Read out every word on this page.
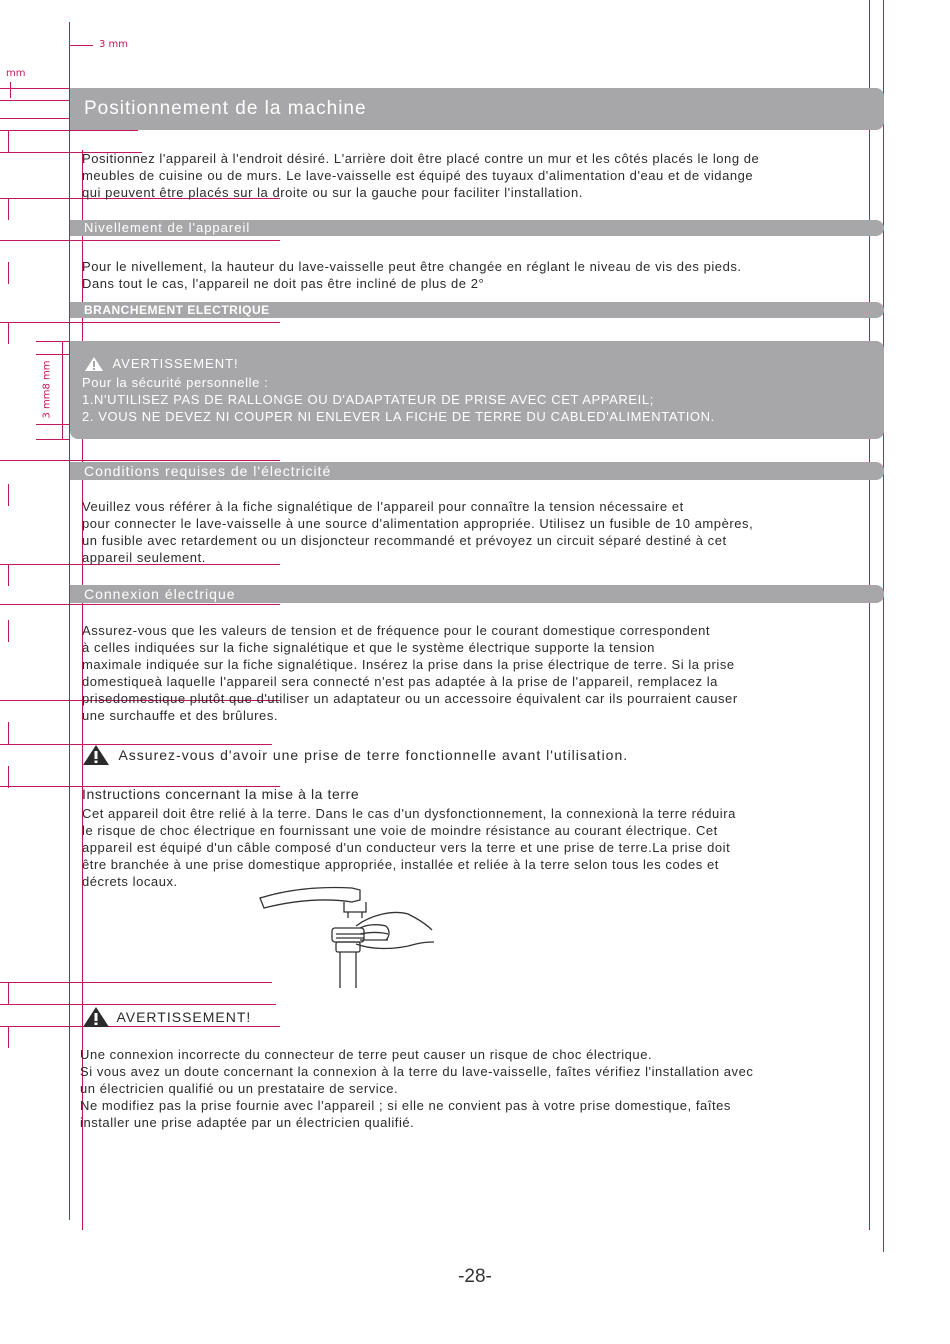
3 mm
mm
3 mm8 mm
Positionnement de la machine

Positionnez l'appareil à l'endroit désiré. L'arrière doit être placé contre un mur et les côtés placés le long de

meubles de cuisine ou de murs. Le lave-vaisselle est équipé des tuyaux d'alimentation d'eau et de vidange

qui peuvent être placés sur la droite ou sur la gauche pour faciliter l'installation.

Nivellement de l'appareil

Pour le nivellement, la hauteur du lave-vaisselle peut être changée en réglant le niveau de vis des pieds.

Dans tout le cas, l'appareil ne doit pas être incliné de plus de 2°

BRANCHEMENT ELECTRIQUE
AVERTISSEMENT!

Pour la sécurité personnelle :

1.N'UTILISEZ PAS DE RALLONGE OU D'ADAPTATEUR DE PRISE AVEC CET APPAREIL;

2. VOUS NE DEVEZ NI COUPER NI ENLEVER LA FICHE DE TERRE DU CABLED'ALIMENTATION.

Conditions requises de l'électricité

Veuillez vous référer à la fiche signalétique de l'appareil pour connaître la tension nécessaire et

pour connecter le lave-vaisselle à une source d'alimentation appropriée. Utilisez un fusible de 10 ampères,

un fusible avec retardement ou un disjoncteur recommandé et prévoyez un circuit séparé destiné à cet

appareil seulement.

Connexion électrique

Assurez-vous que les valeurs de tension et de fréquence pour le courant domestique correspondent

à celles indiquées sur la fiche signalétique et que le système électrique supporte la tension

maximale indiquée sur la fiche signalétique. Insérez la prise dans la prise électrique de terre. Si la prise

domestiqueà laquelle l'appareil sera connecté n'est pas adaptée à la prise de l'appareil, remplacez la

prisedomestique plutôt que d'utiliser un adaptateur ou un accessoire équivalent car ils pourraient causer

une surchauffe et des brûlures.

Assurez-vous d'avoir une prise de terre fonctionnelle avant l'utilisation.
Instructions concernant la mise à la terre

Cet appareil doit être relié à la terre. Dans le cas d'un dysfonctionnement, la connexionà la terre réduira

le risque de choc électrique en fournissant une voie de moindre résistance au courant électrique. Cet

appareil est équipé d'un câble composé d'un conducteur vers la terre et une prise de terre.La prise doit

être branchée à une prise domestique appropriée, installée et reliée à la terre selon tous les codes et

décrets locaux.

AVERTISSEMENT!

Une connexion incorrecte du connecteur de terre peut causer un risque de choc électrique.

Si vous avez un doute concernant la connexion à la terre du lave-vaisselle, faîtes vérifiez l'installation avec

un électricien qualifié ou un prestataire de service.

Ne modifiez pas la prise fournie avec l'appareil ; si elle ne convient pas à votre prise domestique, faîtes

installer une prise adaptée par un électricien qualifié.

-28-
